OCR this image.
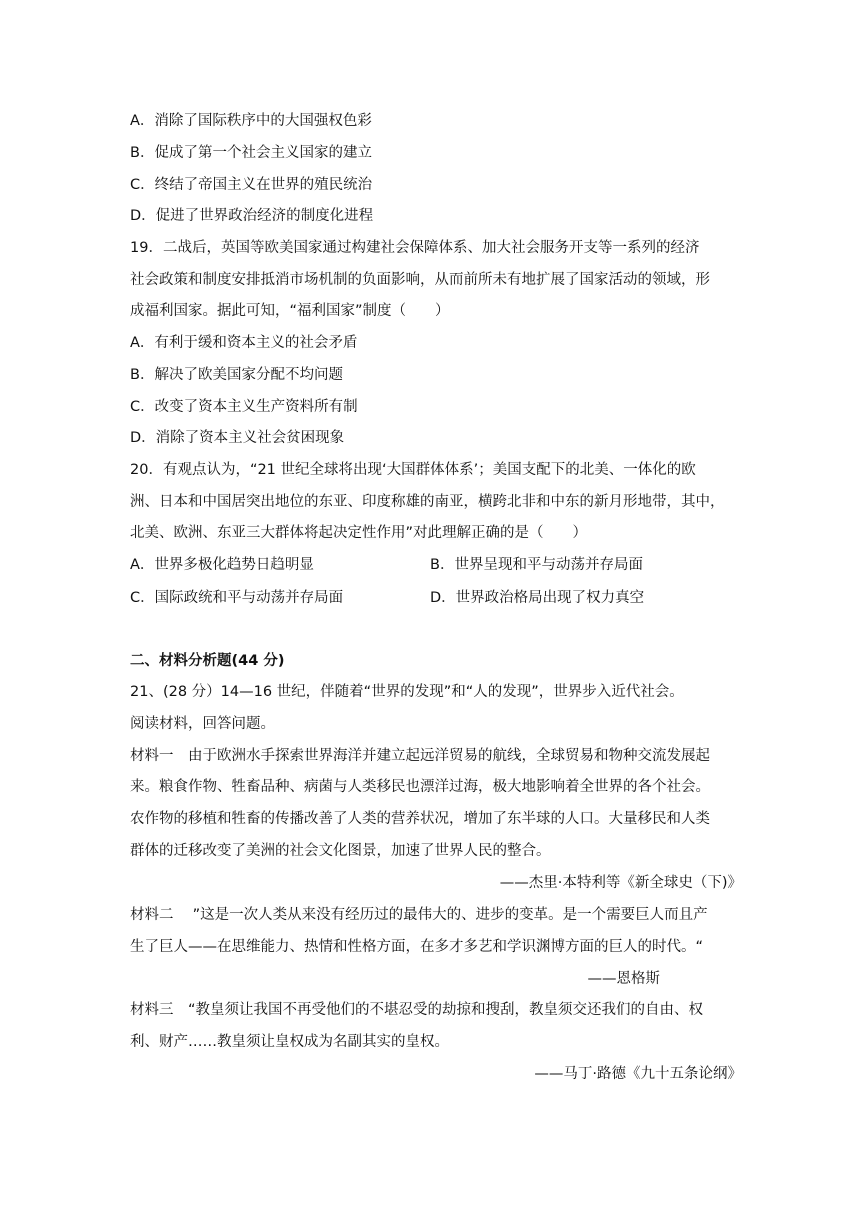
A．消除了国际秩序中的大国强权色彩
B．促成了第一个社会主义国家的建立
C．终结了帝国主义在世界的殖民统治
D．促进了世界政治经济的制度化进程
19．二战后，英国等欧美国家通过构建社会保障体系、加大社会服务开支等一系列的经济
社会政策和制度安排抵消市场机制的负面影响，从而前所未有地扩展了国家活动的领域，形
成福利国家。据此可知，“福利国家”制度（　　）
A．有利于缓和资本主义的社会矛盾
B．解决了欧美国家分配不均问题
C．改变了资本主义生产资料所有制
D．消除了资本主义社会贫困现象
20．有观点认为，“21 世纪全球将出现‘大国群体体系’；美国支配下的北美、一体化的欧
洲、日本和中国居突出地位的东亚、印度称雄的南亚，横跨北非和中东的新月形地带，其中，
北美、欧洲、东亚三大群体将起决定性作用”对此理解正确的是（　　）
A．世界多极化趋势日趋明显	B．世界呈现和平与动荡并存局面
C．国际政统和平与动荡并存局面	D．世界政治格局出现了权力真空
二、材料分析题(44 分)
21、(28 分）14—16 世纪，伴随着“世界的发现”和“人的发现”，世界步入近代社会。
阅读材料，回答问题。
材料一　由于欧洲水手探索世界海洋并建立起远洋贸易的航线，全球贸易和物种交流发展起
来。粮食作物、牲畜品种、病菌与人类移民也漂洋过海，极大地影响着全世界的各个社会。
农作物的移植和牲畜的传播改善了人类的营养状况，增加了东半球的人口。大量移民和人类
群体的迁移改变了美洲的社会文化图景，加速了世界人民的整合。
——杰里·本特利等《新全球史（下)》
材料二　 ”这是一次人类从来没有经历过的最伟大的、进步的变革。是一个需要巨人而且产
生了巨人——在思维能力、热情和性格方面，在多才多艺和学识渊博方面的巨人的时代。“
——恩格斯
材料三　“教皇须让我国不再受他们的不堪忍受的劫掠和搜刮，教皇须交还我们的自由、权
利、财产……教皇须让皇权成为名副其实的皇权。
——马丁·路德《九十五条论纲》
